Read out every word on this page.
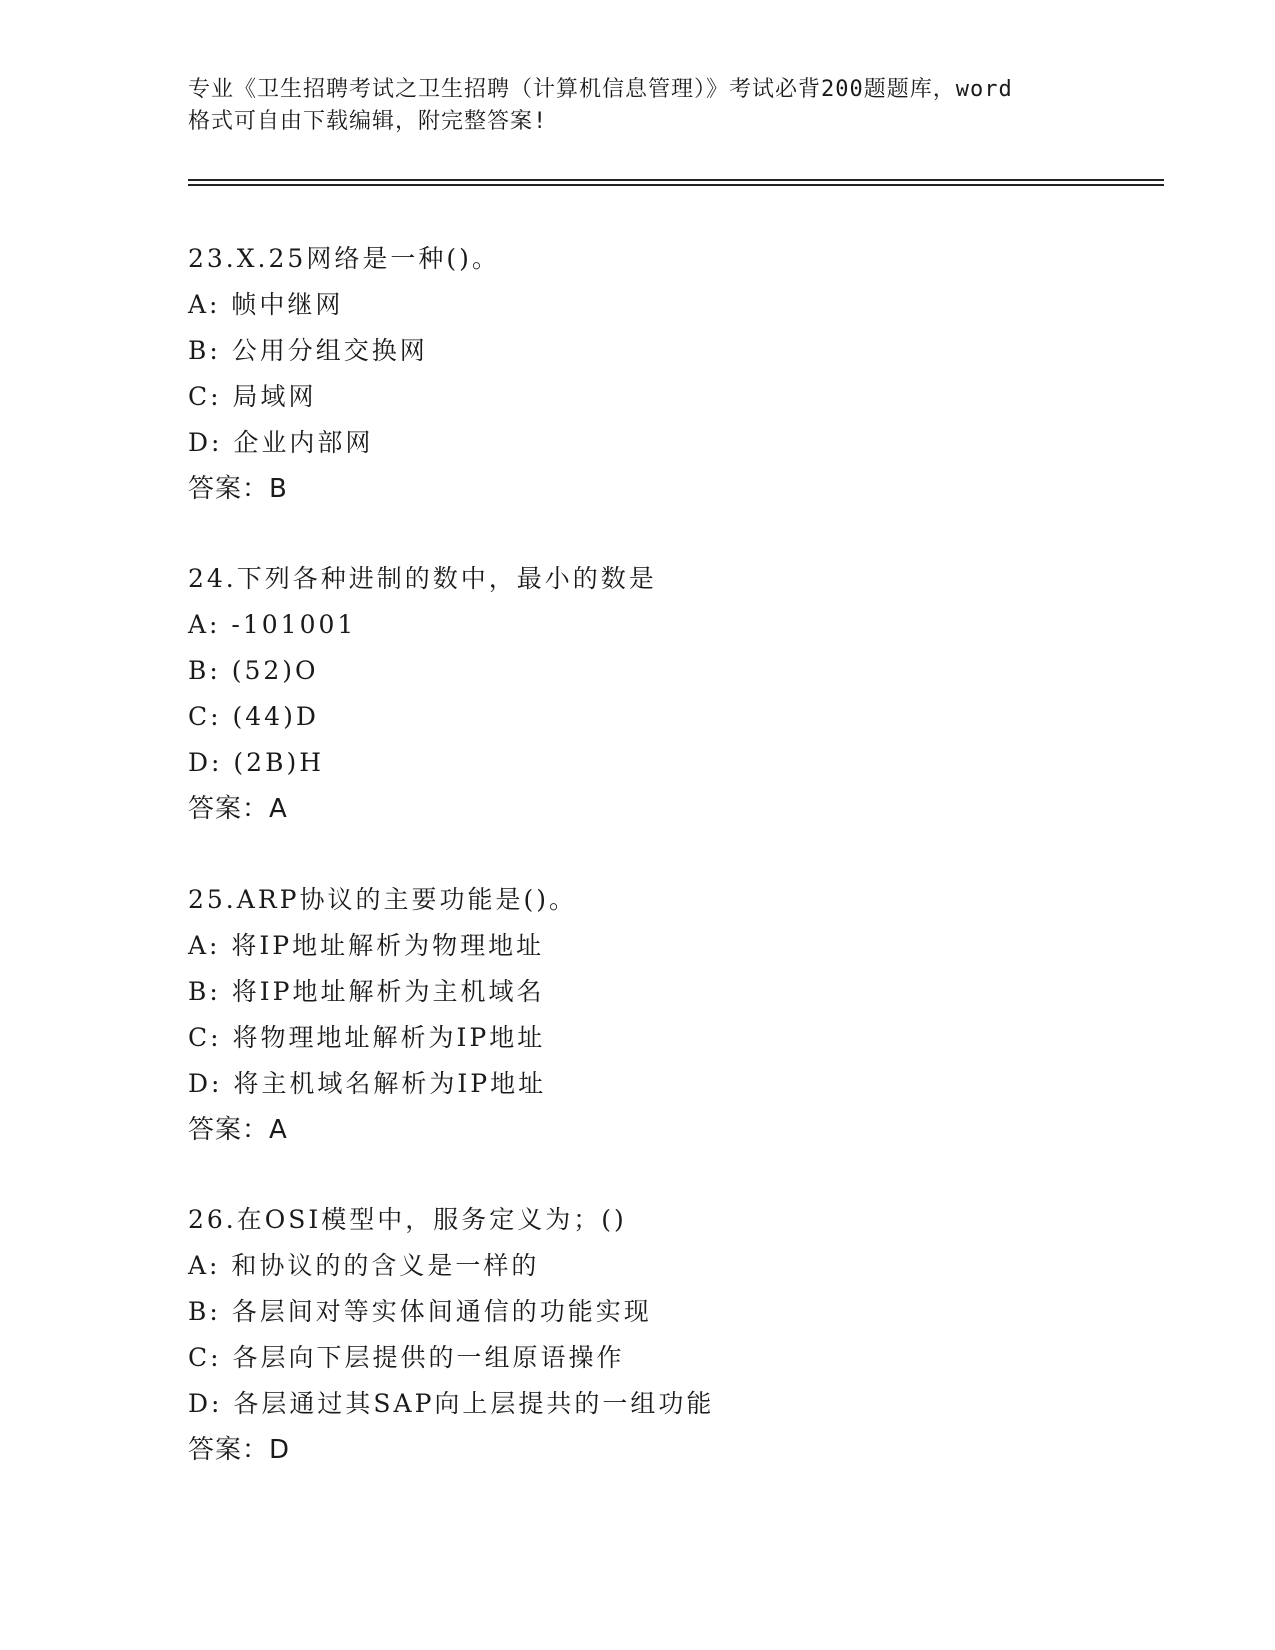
专业《卫生招聘考试之卫生招聘（计算机信息管理）》考试必背200题题库，word
格式可自由下载编辑，附完整答案!
23.X.25网络是一种()。
A: 帧中继网
B: 公用分组交换网
C: 局域网
D: 企业内部网
答案：B
24.下列各种进制的数中，最小的数是
A: -101001
B: (52)O
C: (44)D
D: (2B)H
答案：A
25.ARP协议的主要功能是()。
A: 将IP地址解析为物理地址
B: 将IP地址解析为主机域名
C: 将物理地址解析为IP地址
D: 将主机域名解析为IP地址
答案：A
26.在OSI模型中，服务定义为；()
A: 和协议的的含义是一样的
B: 各层间对等实体间通信的功能实现
C: 各层向下层提供的一组原语操作
D: 各层通过其SAP向上层提共的一组功能
答案：D
